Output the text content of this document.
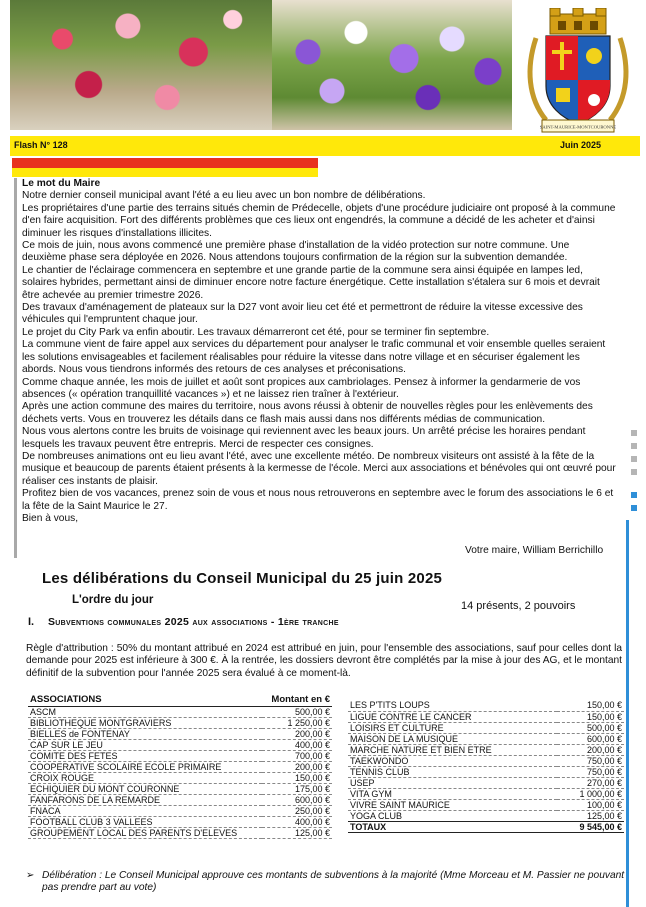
SAINT-MAURICE-MONTCOURONNE
Flash N° 128	Juin 2025

Le mot du Maire

Notre dernier conseil municipal avant l'été a eu lieu avec un bon nombre de délibérations.

Les propriétaires d'une partie des terrains situés chemin de Prédecelle, objets d'une procédure judiciaire ont proposé à la commune d'en faire acquisition. Fort des différents problèmes que ces lieux ont engendrés, la commune a décidé de les acheter et d'ainsi diminuer les risques d'installations illicites.

Ce mois de juin, nous avons commencé une première phase d'installation de la vidéo protection sur notre commune. Une deuxième phase sera déployée en 2026. Nous attendons toujours confirmation de la région sur la subvention demandée.

Le chantier de l'éclairage commencera en septembre et une grande partie de la commune sera ainsi équipée en lampes led, solaires hybrides, permettant ainsi de diminuer encore notre facture énergétique. Cette installation s'étalera sur 6 mois et devrait être achevée au premier trimestre 2026.

Des travaux d'aménagement de plateaux sur la D27 vont avoir lieu cet été et permettront de réduire la vitesse excessive des véhicules qui l'empruntent chaque jour.

Le projet du City Park va enfin aboutir. Les travaux démarreront cet été, pour se terminer fin septembre.

La commune vient de faire appel aux services du département pour analyser le trafic communal et voir ensemble quelles seraient les solutions envisageables et facilement réalisables pour réduire la vitesse dans notre village et en sécuriser également les abords. Nous vous tiendrons informés des retours de ces analyses et préconisations.

Comme chaque année, les mois de juillet et août sont propices aux cambriolages. Pensez à informer la gendarmerie de vos absences (« opération tranquillité vacances ») et ne laissez rien traîner à l'extérieur.

Après une action commune des maires du territoire, nous avons réussi à obtenir de nouvelles règles pour les enlèvements des déchets verts. Vous en trouverez les détails dans ce flash mais aussi dans nos différents médias de communication.

Nous vous alertons contre les bruits de voisinage qui reviennent avec les beaux jours. Un arrêté précise les horaires pendant lesquels les travaux peuvent être entrepris. Merci de respecter ces consignes.

De nombreuses animations ont eu lieu avant l'été, avec une excellente météo. De nombreux visiteurs ont assisté à la fête de la musique et beaucoup de parents étaient présents à la kermesse de l'école. Merci aux associations et bénévoles qui ont œuvré pour réaliser ces instants de plaisir.

Profitez bien de vos vacances, prenez soin de vous et nous nous retrouverons en septembre avec le forum des associations le 6 et la fête de la Saint Maurice le 27.

Bien à vous,

Votre maire, William Berrichillo
Les délibérations du Conseil Municipal du 25 juin 2025
L'ordre du jour	14 présents, 2 pouvoirs
I. Subventions communales 2025 aux associations - 1ère tranche
Règle d'attribution : 50% du montant attribué en 2024 est attribué en juin, pour l'ensemble des associations, sauf pour celles dont la demande pour 2025 est inférieure à 300 €. À la rentrée, les dossiers devront être complétés par la mise à jour des AG, et le montant définitif de la subvention pour l'année 2025 sera évalué à ce moment-là.
ASSOCIATIONS	Montant en €
ASCM	500,00 €
BIBLIOTHEQUE MONTGRAVIERS	1 250,00 €
BIELLES de FONTENAY	200,00 €
CAP SUR LE JEU	400,00 €
COMITE DES FETES	700,00 €
COOPERATIVE SCOLAIRE ECOLE PRIMAIRE	200,00 €
CROIX ROUGE	150,00 €
ECHIQUIER DU MONT COURONNE	175,00 €
FANFARONS DE LA REMARDE	600,00 €
FNACA	250,00 €
FOOTBALL CLUB 3 VALLEES	400,00 €
GROUPEMENT LOCAL DES PARENTS D'ELEVES	125,00 €
LES P'TITS LOUPS	150,00 €
LIGUE CONTRE LE CANCER	150,00 €
LOISIRS ET CULTURE	500,00 €
MAISON DE LA MUSIQUE	600,00 €
MARCHE NATURE ET BIEN ETRE	200,00 €
TAEKWONDO	750,00 €
TENNIS CLUB	750,00 €
USEP	270,00 €
VITA GYM	1 000,00 €
VIVRE SAINT MAURICE	100,00 €
YOGA CLUB	125,00 €
TOTAUX	9 545,00 €
➢ Délibération : Le Conseil Municipal approuve ces montants de subventions à la majorité (Mme Morceau et M. Passier ne pouvant pas prendre part au vote)
